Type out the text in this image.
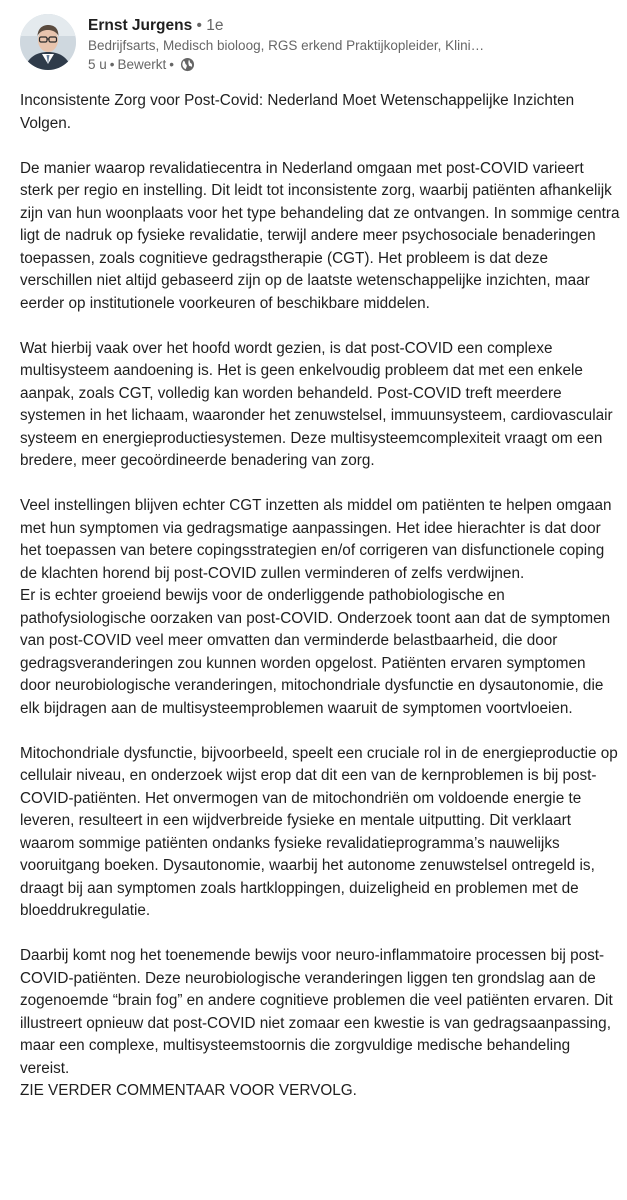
Ernst Jurgens • 1e
Bedrijfsarts, Medisch bioloog, RGS erkend Praktijkopleider, Klini…
5 u • Bewerkt •

Inconsistente Zorg voor Post-Covid: Nederland Moet Wetenschappelijke Inzichten Volgen.

De manier waarop revalidatiecentra in Nederland omgaan met post-COVID varieert sterk per regio en instelling. Dit leidt tot inconsistente zorg, waarbij patiënten afhankelijk zijn van hun woonplaats voor het type behandeling dat ze ontvangen. In sommige centra ligt de nadruk op fysieke revalidatie, terwijl andere meer psychosociale benaderingen toepassen, zoals cognitieve gedragstherapie (CGT). Het probleem is dat deze verschillen niet altijd gebaseerd zijn op de laatste wetenschappelijke inzichten, maar eerder op institutionele voorkeuren of beschikbare middelen.

Wat hierbij vaak over het hoofd wordt gezien, is dat post-COVID een complexe multisysteem aandoening is. Het is geen enkelvoudig probleem dat met een enkele aanpak, zoals CGT, volledig kan worden behandeld. Post-COVID treft meerdere systemen in het lichaam, waaronder het zenuwstelsel, immuunsysteem, cardiovasculair systeem en energieproductiesystemen. Deze multisysteemcomplexiteit vraagt om een bredere, meer gecoördineerde benadering van zorg.

Veel instellingen blijven echter CGT inzetten als middel om patiënten te helpen omgaan met hun symptomen via gedragsmatige aanpassingen. Het idee hierachter is dat door het toepassen van betere copingsstrategien en/of corrigeren van disfunctionele coping de klachten horend bij post-COVID zullen verminderen of zelfs verdwijnen.

Er is echter groeiend bewijs voor de onderliggende pathobiologische en pathofysiologische oorzaken van post-COVID. Onderzoek toont aan dat de symptomen van post-COVID veel meer omvatten dan verminderde belastbaarheid, die door gedragsveranderingen zou kunnen worden opgelost. Patiënten ervaren symptomen door neurobiologische veranderingen, mitochondriale dysfunctie en dysautonomie, die elk bijdragen aan de multisysteemproblemen waaruit de symptomen voortvloeien.

Mitochondriale dysfunctie, bijvoorbeeld, speelt een cruciale rol in de energieproductie op cellulair niveau, en onderzoek wijst erop dat dit een van de kernproblemen is bij post-COVID-patiënten. Het onvermogen van de mitochondriën om voldoende energie te leveren, resulteert in een wijdverbreide fysieke en mentale uitputting. Dit verklaart waarom sommige patiënten ondanks fysieke revalidatieprogramma’s nauwelijks vooruitgang boeken. Dysautonomie, waarbij het autonome zenuwstelsel ontregeld is, draagt bij aan symptomen zoals hartkloppingen, duizeligheid en problemen met de bloeddrukregulatie.

Daarbij komt nog het toenemende bewijs voor neuro-inflammatoire processen bij post-COVID-patiënten. Deze neurobiologische veranderingen liggen ten grondslag aan de zogenoemde “brain fog” en andere cognitieve problemen die veel patiënten ervaren. Dit illustreert opnieuw dat post-COVID niet zomaar een kwestie is van gedragsaanpassing, maar een complexe, multisysteemstoornis die zorgvuldige medische behandeling vereist.

ZIE VERDER COMMENTAAR VOOR VERVOLG.
